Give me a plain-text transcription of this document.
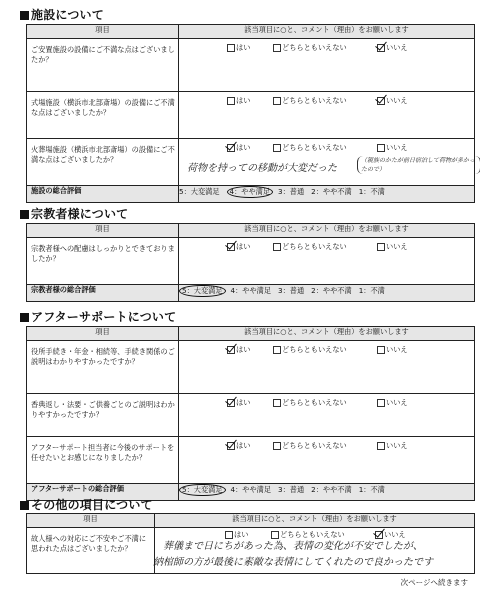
施設について
項目	該当項目に○と、コメント（理由）をお願いします
ご安置施設の設備にご不満な点はございましたか？	はい どちらともいえない いいえ

式場施設（横浜市北部斎場）の設備にご不満な点はございましたか？	はい どちらともいえない いいえ

火葬場施設（横浜市北部斎場）の設備にご不満な点はございましたか？	はい どちらともいえない いいえ
荷物を持っての移動が大変だった
（親族のかたが前日宿泊して荷物が多かったので）

施設の総合評価	5：大変満足 4：やや満足 3：普通 2：やや不満 1：不満
宗教者様について
項目	該当項目に○と、コメント（理由）をお願いします
宗教者様への配慮はしっかりとできておりましたか？	はい どちらともいえない いいえ

宗教者様の総合評価	5：大変満足 4：やや満足 3：普通 2：やや不満 1：不満
アフターサポートについて
項目	該当項目に○と、コメント（理由）をお願いします
役所手続き・年金・相続等、手続き関係のご説明はわかりやすかったですか？	はい どちらともいえない いいえ

香典返し・法要・ご供養ごとのご説明はわかりやすかったですか？	はい どちらともいえない いいえ

アフターサポート担当者に今後のサポートを任せたいとお感じになりましたか？	はい どちらともいえない いいえ

アフターサポートの総合評価	5：大変満足 4：やや満足 3：普通 2：やや不満 1：不満
その他の項目について
項目	該当項目に○と、コメント（理由）をお願いします
故人様への対応にご不安やご不満に思われた点はございましたか？	はい どちらともいえない いいえ
葬儀まで日にちがあった為、表情の変化が不安でしたが、
納棺師の方が最後に素敵な表情にしてくれたので良かったです
次ページへ続きます
